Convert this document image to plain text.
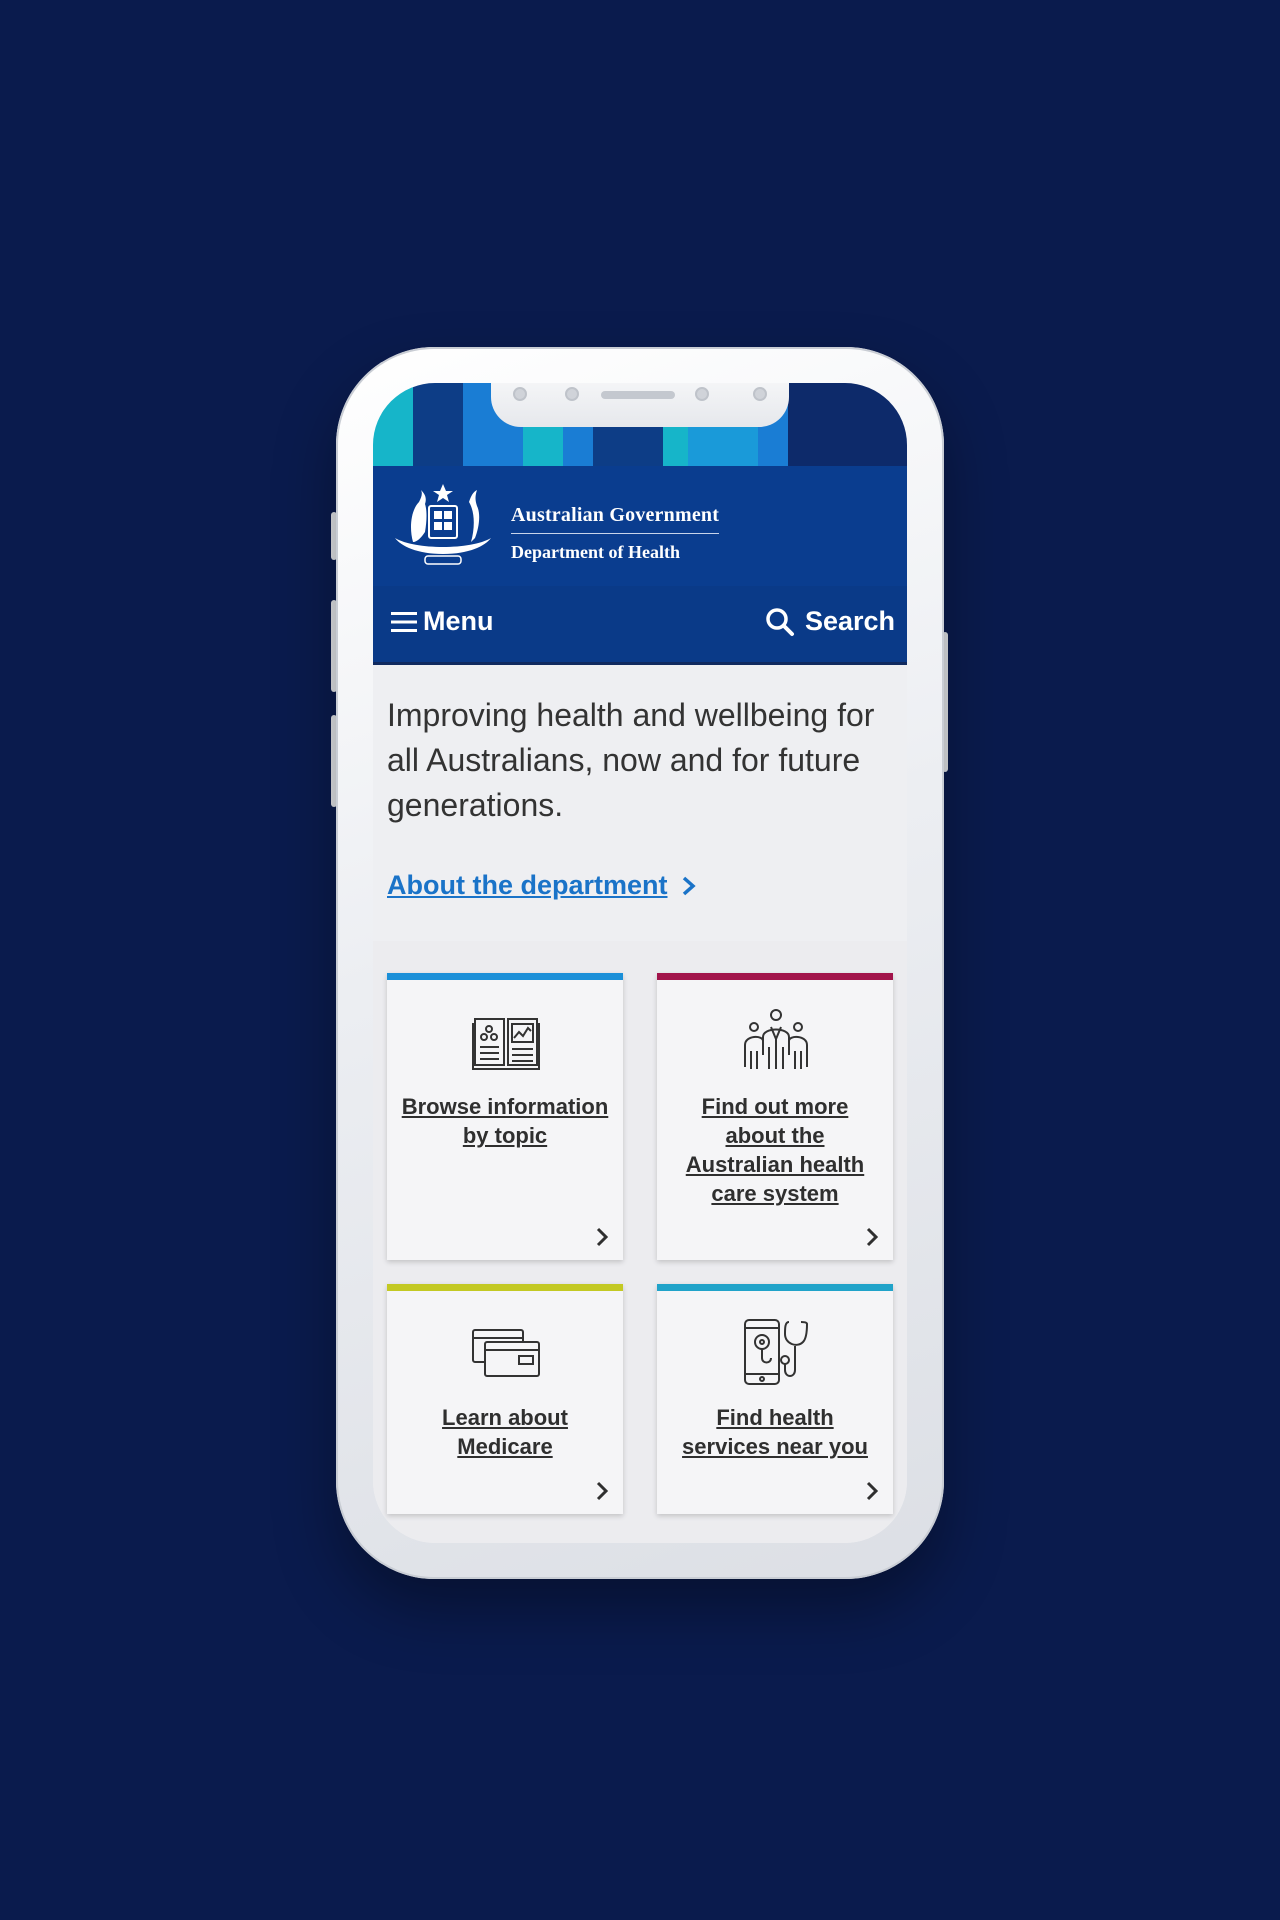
Australian Government
Department of Health
Menu	Search
Improving health and wellbeing for all Australians, now and for future generations.
About the department
Browse information by topic
Find out more about the Australian health care system
Learn about Medicare
Find health services near you
